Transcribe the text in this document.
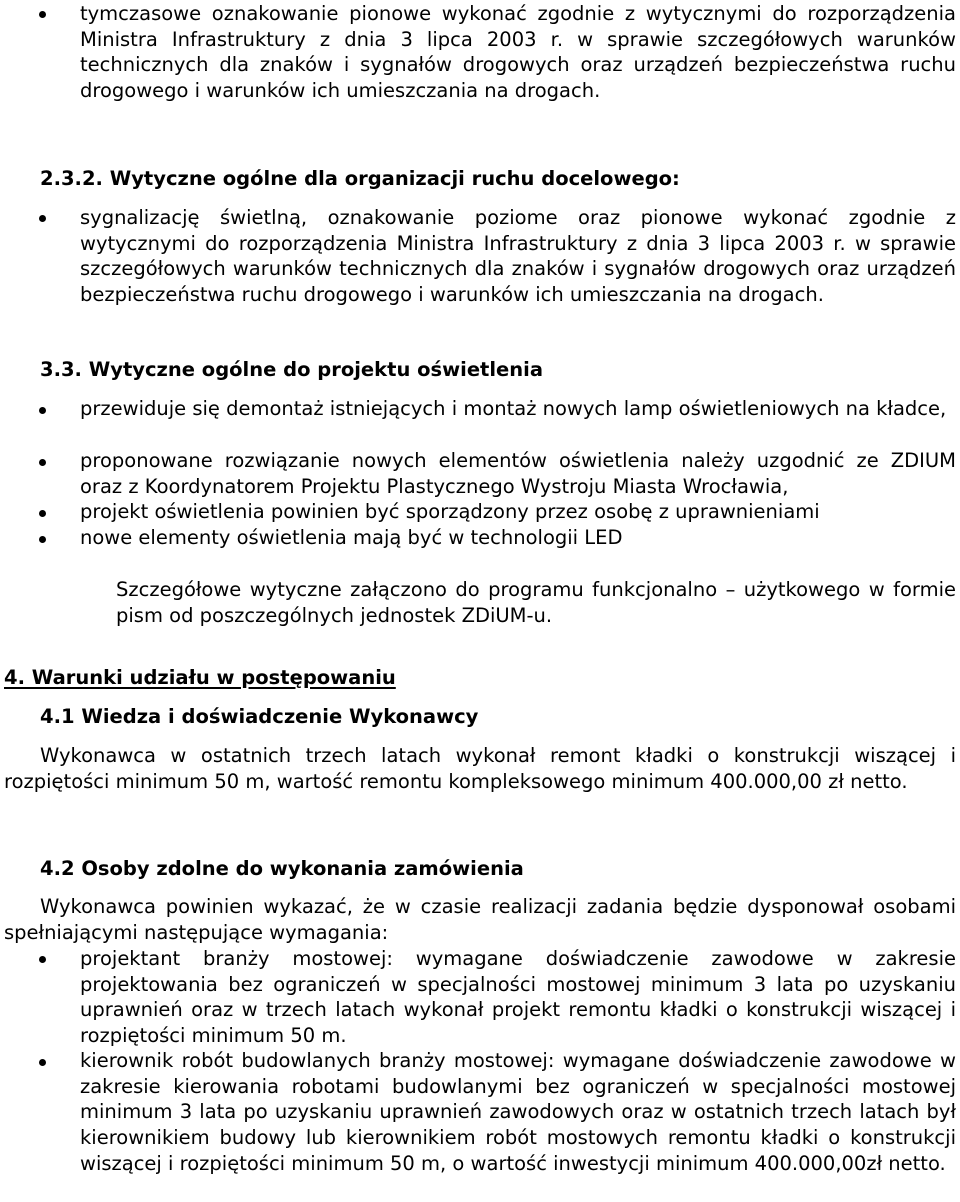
tymczasowe oznakowanie pionowe wykonać zgodnie z wytycznymi do rozporządzenia Ministra Infrastruktury z dnia 3 lipca 2003 r. w sprawie szczegółowych warunków technicznych dla znaków i sygnałów drogowych oraz urządzeń bezpieczeństwa ruchu drogowego i warunków ich umieszczania na drogach.

2.3.2. Wytyczne ogólne dla organizacji ruchu docelowego:

sygnalizację świetlną, oznakowanie poziome oraz pionowe wykonać zgodnie z wytycznymi do rozporządzenia Ministra Infrastruktury z dnia 3 lipca 2003 r. w sprawie szczegółowych warunków technicznych dla znaków i sygnałów drogowych oraz urządzeń bezpieczeństwa ruchu drogowego i warunków ich umieszczania na drogach.

3.3. Wytyczne ogólne do projektu oświetlenia

przewiduje się demontaż istniejących i montaż nowych lamp oświetleniowych na kładce,

proponowane rozwiązanie nowych elementów oświetlenia należy uzgodnić ze ZDIUM oraz z Koordynatorem Projektu Plastycznego Wystroju Miasta Wrocławia,

projekt oświetlenia powinien być sporządzony przez osobę z uprawnieniami

nowe elementy oświetlenia mają być w technologii LED

Szczegółowe wytyczne załączono do programu funkcjonalno – użytkowego w formie pism od poszczególnych jednostek ZDiUM-u.

4. Warunki udziału w postępowaniu

4.1 Wiedza i doświadczenie Wykonawcy

Wykonawca w ostatnich trzech latach wykonał remont kładki o konstrukcji wiszącej i rozpiętości minimum 50 m, wartość remontu kompleksowego minimum 400.000,00 zł netto.

4.2 Osoby zdolne do wykonania zamówienia

Wykonawca powinien wykazać, że w czasie realizacji zadania będzie dysponował osobami spełniającymi następujące wymagania:

projektant branży mostowej: wymagane doświadczenie zawodowe w zakresie projektowania bez ograniczeń w specjalności mostowej minimum 3 lata po uzyskaniu uprawnień oraz w trzech latach wykonał projekt remontu kładki o konstrukcji wiszącej i rozpiętości minimum 50 m.

kierownik robót budowlanych branży mostowej: wymagane doświadczenie zawodowe w zakresie kierowania robotami budowlanymi bez ograniczeń w specjalności mostowej minimum 3 lata po uzyskaniu uprawnień zawodowych oraz w ostatnich trzech latach był kierownikiem budowy lub kierownikiem robót mostowych remontu kładki o konstrukcji wiszącej i rozpiętości minimum 50 m, o wartość inwestycji minimum 400.000,00zł netto.
